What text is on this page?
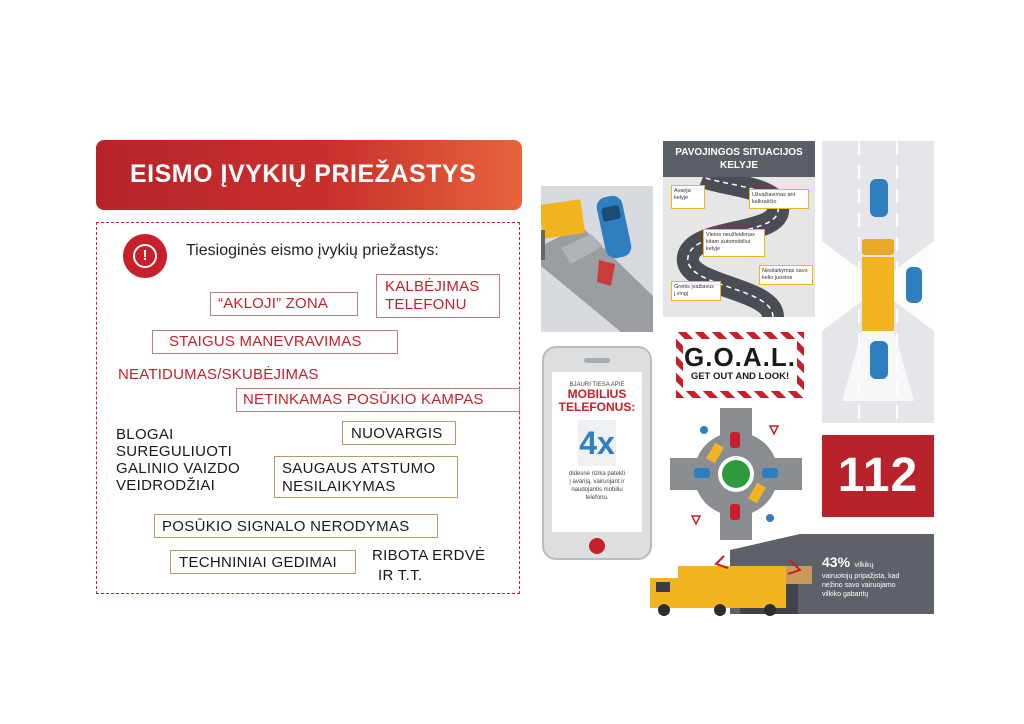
EISMO ĮVYKIŲ PRIEŽASTYS
!	Tiesioginės eismo įvykių priežastys:
“AKLOJI” ZONA
KALBĖJIMAS
TELEFONU
STAIGUS MANEVRAVIMAS
NEATIDUMAS/SKUBĖJIMAS
NETINKAMAS POSŪKIO KAMPAS
BLOGAI
SUREGULIUOTI
GALINIO VAIZDO
VEIDRODŽIAI
NUOVARGIS
SAUGAUS ATSTUMO
NESILAIKYMAS
POSŪKIO SIGNALO NERODYMAS
TECHNINIAI GEDIMAI	RIBOTA ERDVĖ
IR T.T.
PAVOJINGOS SITUACIJOS
KELYJE
Avarija
kelyje	Užvažiavimas ant
kelkraščio
Vietos neužleidimas
kitam automobiliui
kelyje
Nesilaikymas savo
kelio juostos
Greitis įvažiavus
į vingį
G.O.A.L.
GET OUT AND LOOK!
BJAURI TIESA APIE
MOBILIUS
TELEFONUS:
4x
didesnė rizika patekti
į avariją, vairuojant ir
naudojantis mobiliu
telefonu.	112
43% vilkikų
vairuotojų pripažįsta, kad
nežino savo vairuojamo
vilkiko gabaritų
